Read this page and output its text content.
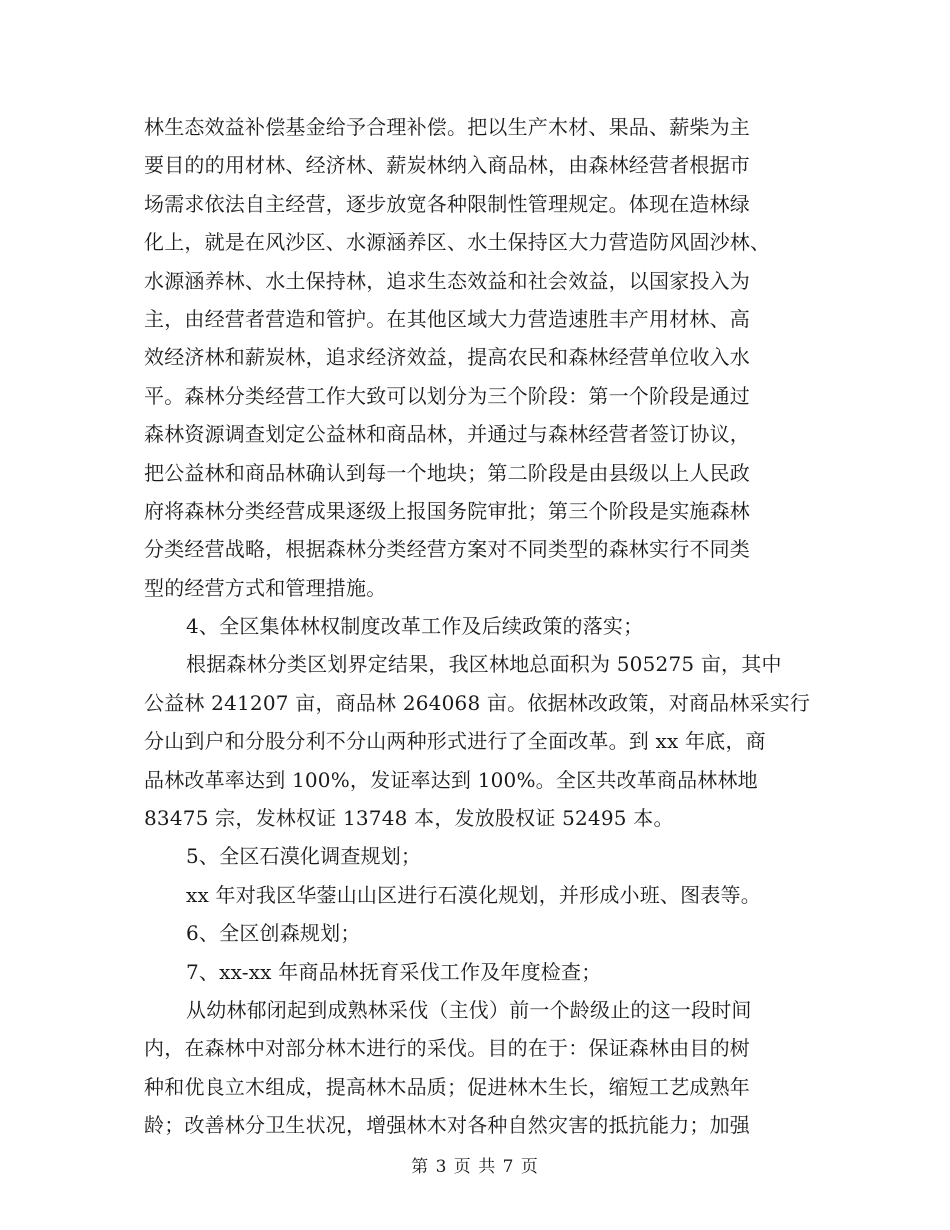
林生态效益补偿基金给予合理补偿。把以生产木材、果品、薪柴为主
要目的的用材林、经济林、薪炭林纳入商品林，由森林经营者根据市
场需求依法自主经营，逐步放宽各种限制性管理规定。体现在造林绿
化上，就是在风沙区、水源涵养区、水土保持区大力营造防风固沙林、
水源涵养林、水土保持林，追求生态效益和社会效益，以国家投入为
主，由经营者营造和管护。在其他区域大力营造速胜丰产用材林、高
效经济林和薪炭林，追求经济效益，提高农民和森林经营单位收入水
平。森林分类经营工作大致可以划分为三个阶段：第一个阶段是通过
森林资源调查划定公益林和商品林，并通过与森林经营者签订协议，
把公益林和商品林确认到每一个地块；第二阶段是由县级以上人民政
府将森林分类经营成果逐级上报国务院审批；第三个阶段是实施森林
分类经营战略，根据森林分类经营方案对不同类型的森林实行不同类
型的经营方式和管理措施。
4、全区集体林权制度改革工作及后续政策的落实；
根据森林分类区划界定结果，我区林地总面积为 505275 亩，其中
公益林 241207 亩，商品林 264068 亩。依据林改政策，对商品林采实行
分山到户和分股分利不分山两种形式进行了全面改革。到 xx 年底，商
品林改革率达到 100%，发证率达到 100%。全区共改革商品林林地
83475 宗，发林权证 13748 本，发放股权证 52495 本。
5、全区石漠化调查规划；
xx 年对我区华蓥山山区进行石漠化规划，并形成小班、图表等。
6、全区创森规划；
7、xx-xx 年商品林抚育采伐工作及年度检查；
从幼林郁闭起到成熟林采伐（主伐）前一个龄级止的这一段时间
内，在森林中对部分林木进行的采伐。目的在于：保证森林由目的树
种和优良立木组成，提高林木品质；促进林木生长，缩短工艺成熟年
龄；改善林分卫生状况，增强林木对各种自然灾害的抵抗能力；加强
第 3 页 共 7 页
